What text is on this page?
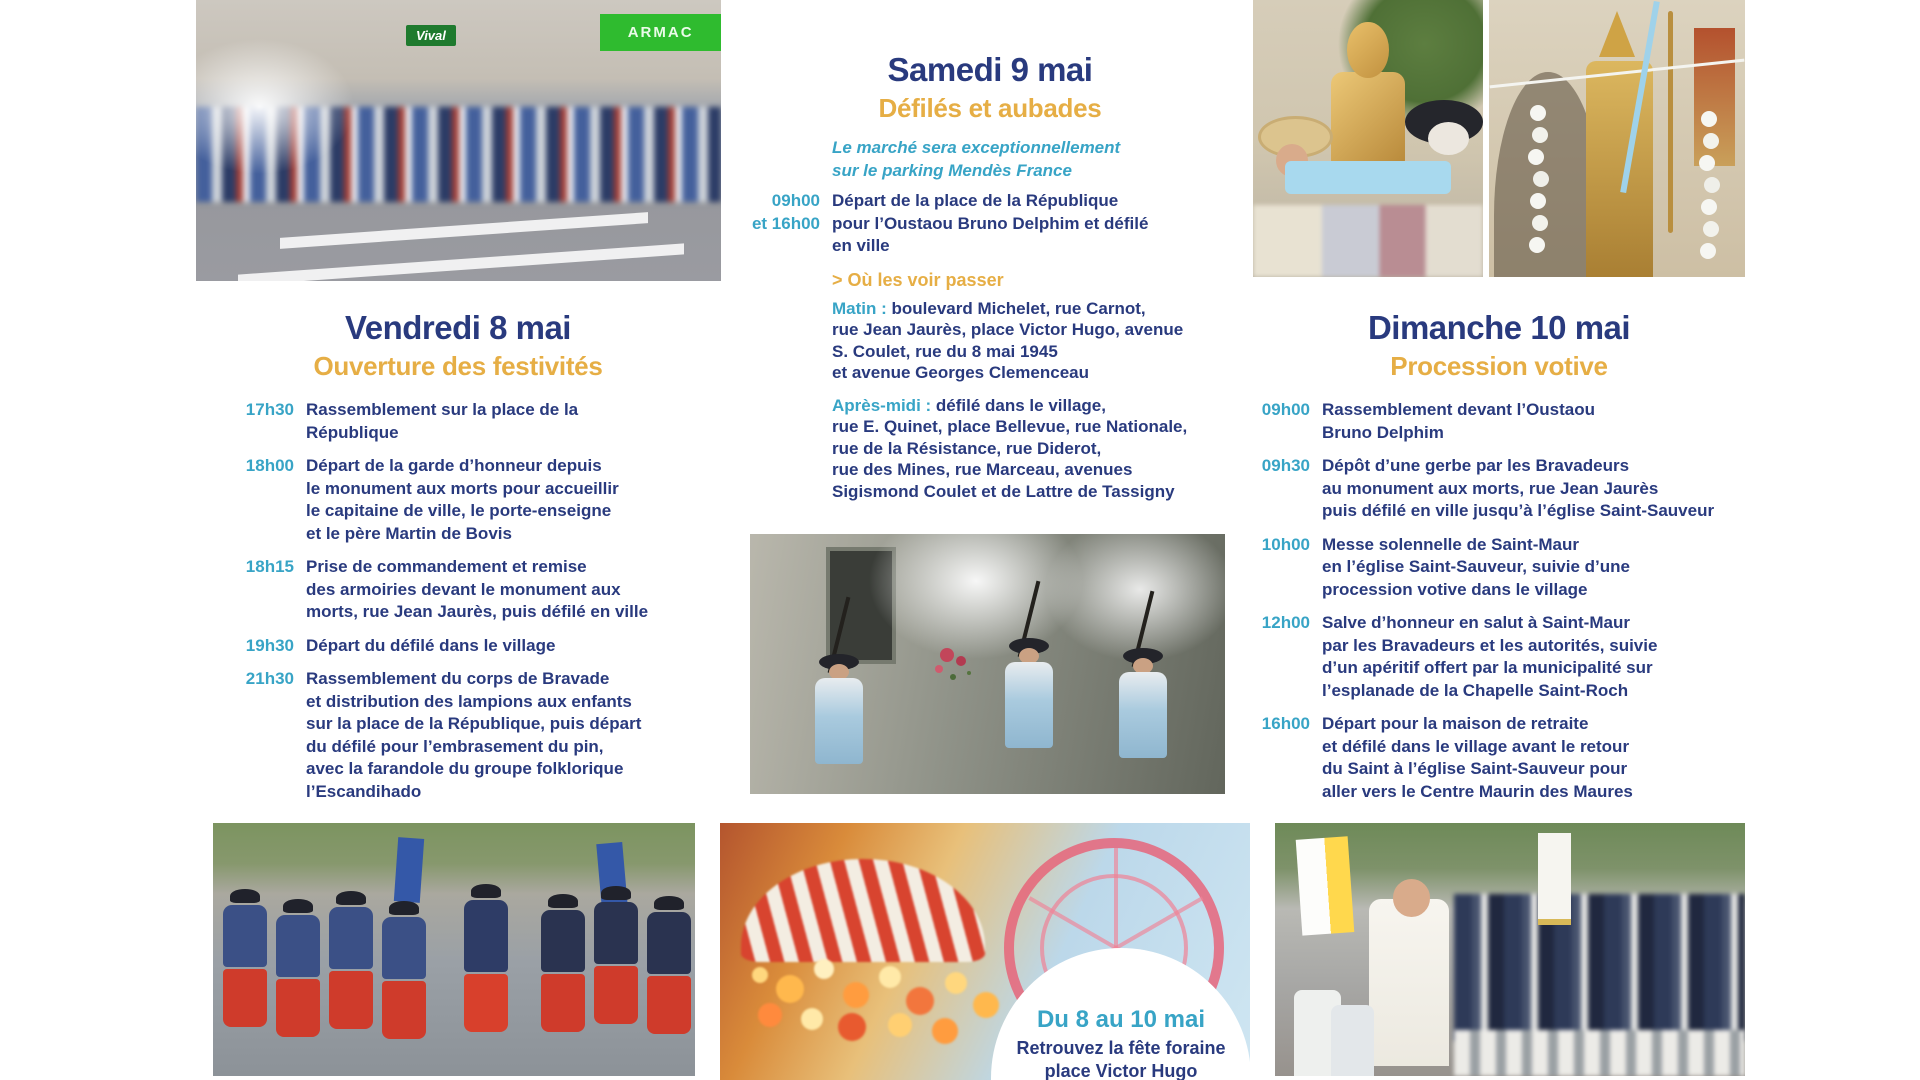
Vival	ARMAC
Vendredi 8 mai
Ouverture des festivités
17h30 Rassemblement sur la place de la
République
18h00 Départ de la garde d’honneur depuis
le monument aux morts pour accueillir
le capitaine de ville, le porte-enseigne
et le père Martin de Bovis
18h15 Prise de commandement et remise
des armoiries devant le monument aux
morts, rue Jean Jaurès, puis défilé en ville
19h30 Départ du défilé dans le village
21h30 Rassemblement du corps de Bravade
et distribution des lampions aux enfants
sur la place de la République, puis départ
du défilé pour l’embrasement du pin,
avec la farandole du groupe folklorique
l’Escandihado
Samedi 9 mai
Défilés et aubades
Le marché sera exceptionnellement
sur le parking Mendès France
09h00
et 16h00
Départ de la place de la République
pour l’Oustaou Bruno Delphim et défilé
en ville
> Où les voir passer
Matin : boulevard Michelet, rue Carnot,
rue Jean Jaurès, place Victor Hugo, avenue
S. Coulet, rue du 8 mai 1945
et avenue Georges Clemenceau
Après-midi : défilé dans le village,
rue E. Quinet, place Bellevue, rue Nationale,
rue de la Résistance, rue Diderot,
rue des Mines, rue Marceau, avenues
Sigismond Coulet et de Lattre de Tassigny
Dimanche 10 mai
Procession votive
09h00 Rassemblement devant l’Oustaou
Bruno Delphim
09h30 Dépôt d’une gerbe par les Bravadeurs
au monument aux morts, rue Jean Jaurès
puis défilé en ville jusqu’à l’église Saint-Sauveur
10h00 Messe solennelle de Saint-Maur
en l’église Saint-Sauveur, suivie d’une
procession votive dans le village
12h00 Salve d’honneur en salut à Saint-Maur
par les Bravadeurs et les autorités, suivie
d’un apéritif offert par la municipalité sur
l’esplanade de la Chapelle Saint-Roch
16h00 Départ pour la maison de retraite
et défilé dans le village avant le retour
du Saint à l’église Saint-Sauveur pour
aller vers le Centre Maurin des Maures
Du 8 au 10 mai
Retrouvez la fête foraine
place Victor Hugo
